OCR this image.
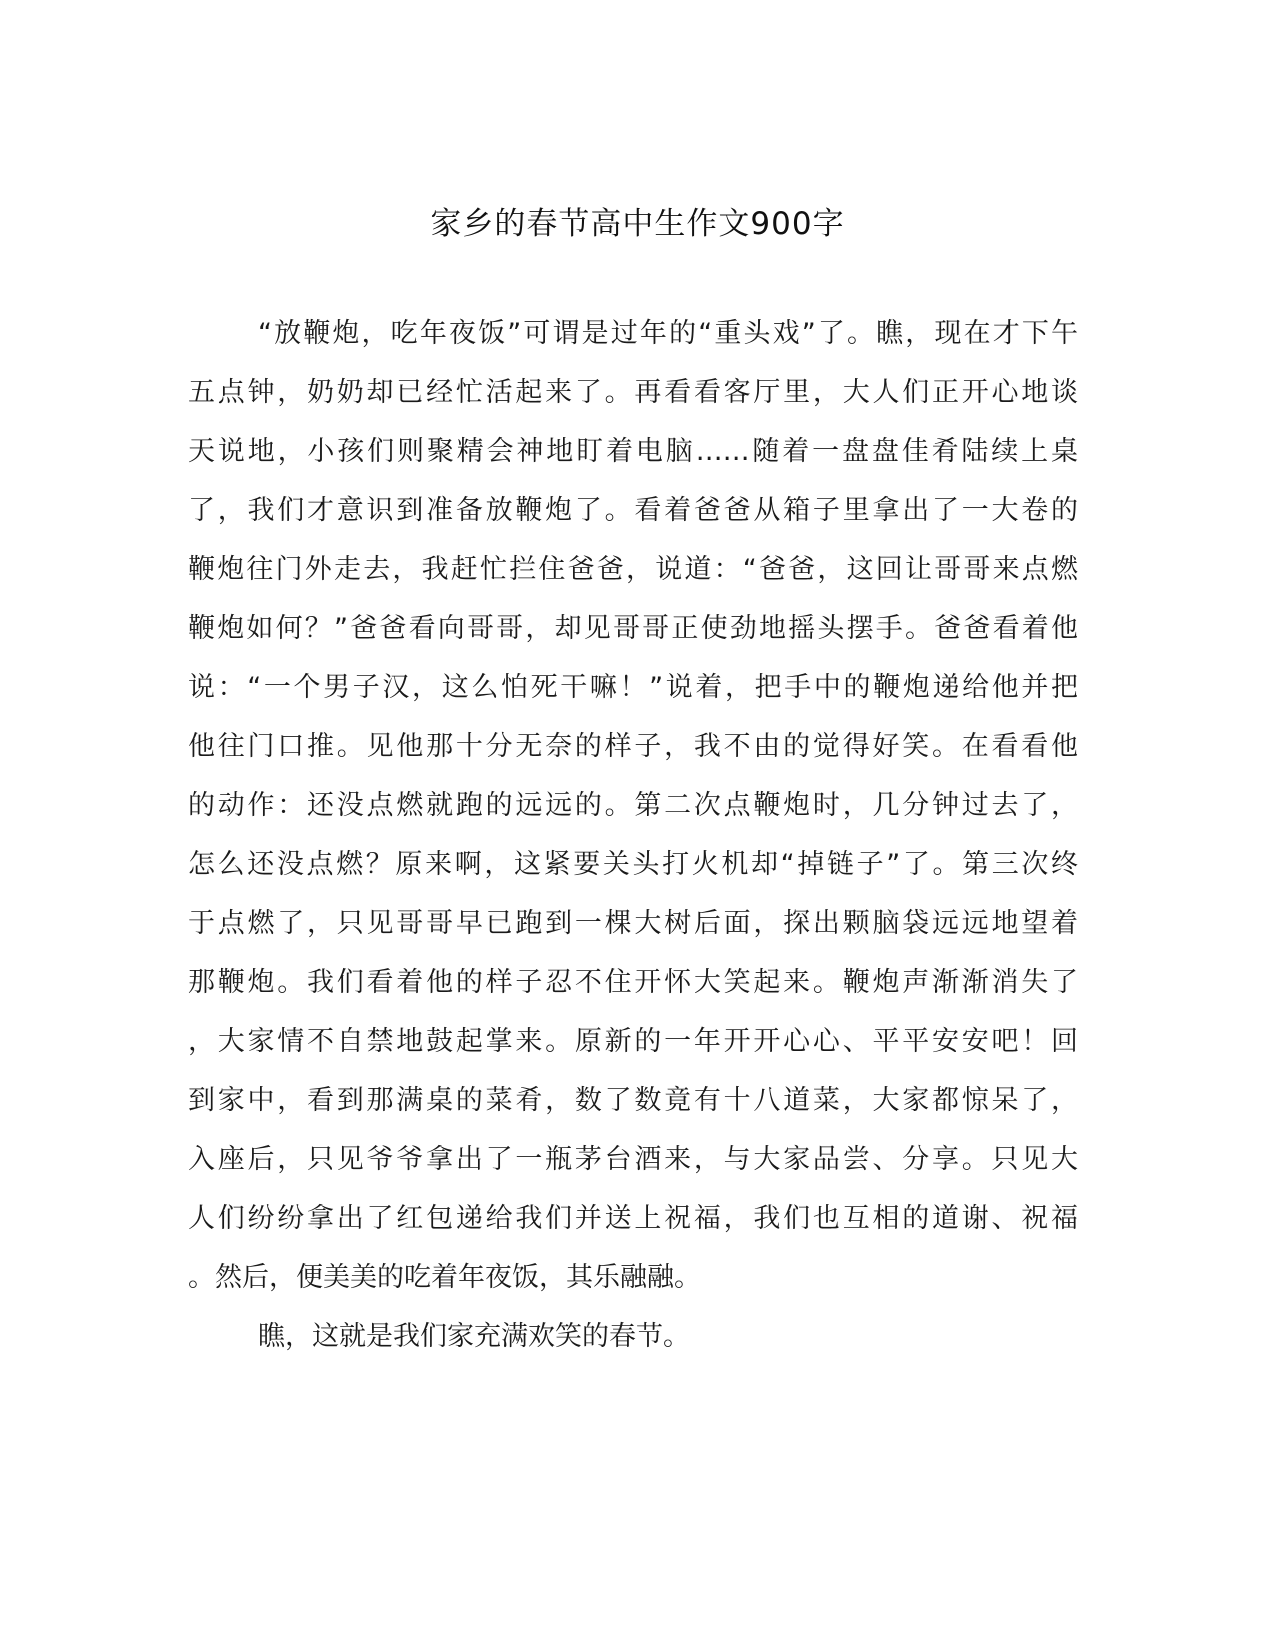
家乡的春节高中生作文900字
“放鞭炮，吃年夜饭”可谓是过年的“重头戏”了。瞧，现在才下午
五点钟，奶奶却已经忙活起来了。再看看客厅里，大人们正开心地谈
天说地，小孩们则聚精会神地盯着电脑……随着一盘盘佳肴陆续上桌
了，我们才意识到准备放鞭炮了。看着爸爸从箱子里拿出了一大卷的
鞭炮往门外走去，我赶忙拦住爸爸，说道：“爸爸，这回让哥哥来点燃
鞭炮如何？”爸爸看向哥哥，却见哥哥正使劲地摇头摆手。爸爸看着他
说：“一个男子汉，这么怕死干嘛！”说着，把手中的鞭炮递给他并把
他往门口推。见他那十分无奈的样子，我不由的觉得好笑。在看看他
的动作：还没点燃就跑的远远的。第二次点鞭炮时，几分钟过去了，
怎么还没点燃？原来啊，这紧要关头打火机却“掉链子”了。第三次终
于点燃了，只见哥哥早已跑到一棵大树后面，探出颗脑袋远远地望着
那鞭炮。我们看着他的样子忍不住开怀大笑起来。鞭炮声渐渐消失了
，大家情不自禁地鼓起掌来。原新的一年开开心心、平平安安吧！回
到家中，看到那满桌的菜肴，数了数竟有十八道菜，大家都惊呆了，
入座后，只见爷爷拿出了一瓶茅台酒来，与大家品尝、分享。只见大
人们纷纷拿出了红包递给我们并送上祝福，我们也互相的道谢、祝福
。然后，便美美的吃着年夜饭，其乐融融。
瞧，这就是我们家充满欢笑的春节。
